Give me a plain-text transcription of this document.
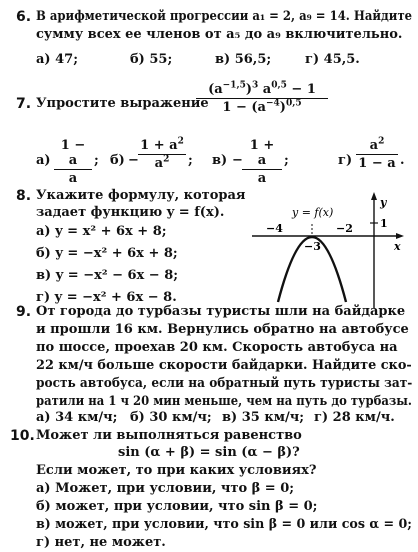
6. В арифметической прогрессии a₁ = 2, a₉ = 14. Найдите
сумму всех ее членов от a₅ до a₉ включительно.
а) 47;	б) 55;	в) 56,5;	г) 45,5.
7. Упростите выражение
$(a^{-1,5})^3$ $a^{0,5} - 1$
$1 - (a^{-4})^{0,5}$
а)
1 − a
a
; б) −
$1 + a^2$
$a^2$	; в) −
1 + a
a
;	г)
$a^2$
1 − a .
8. Укажите формулу, которая
задает функцию y = f(x).
а) y = x² + 6x + 8;
б) y = −x² + 6x + 8;
в) y = −x² − 6x − 8;
г) y = −x² + 6x − 8.
y = f(x)
y
x
1
−4
−3
−2
9. От города до турбазы туристы шли на байдарке
и прошли 16 км. Вернулись обратно на автобусе
по шоссе, проехав 20 км. Скорость автобуса на
22 км/ч больше скорости байдарки. Найдите ско-
рость автобуса, если на обратный путь туристы зат-
ратили на 1 ч 20 мин меньше, чем на путь до турбазы.
а) 34 км/ч; б) 30 км/ч; в) 35 км/ч; г) 28 км/ч.
10. Может ли выполняться равенство
sin (α + β) = sin (α − β)?
Если может, то при каких условиях?
а) Может, при условии, что β = 0;
б) может, при условии, что sin β = 0;
в) может, при условии, что sin β = 0 или cos α = 0;
г) нет, не может.
